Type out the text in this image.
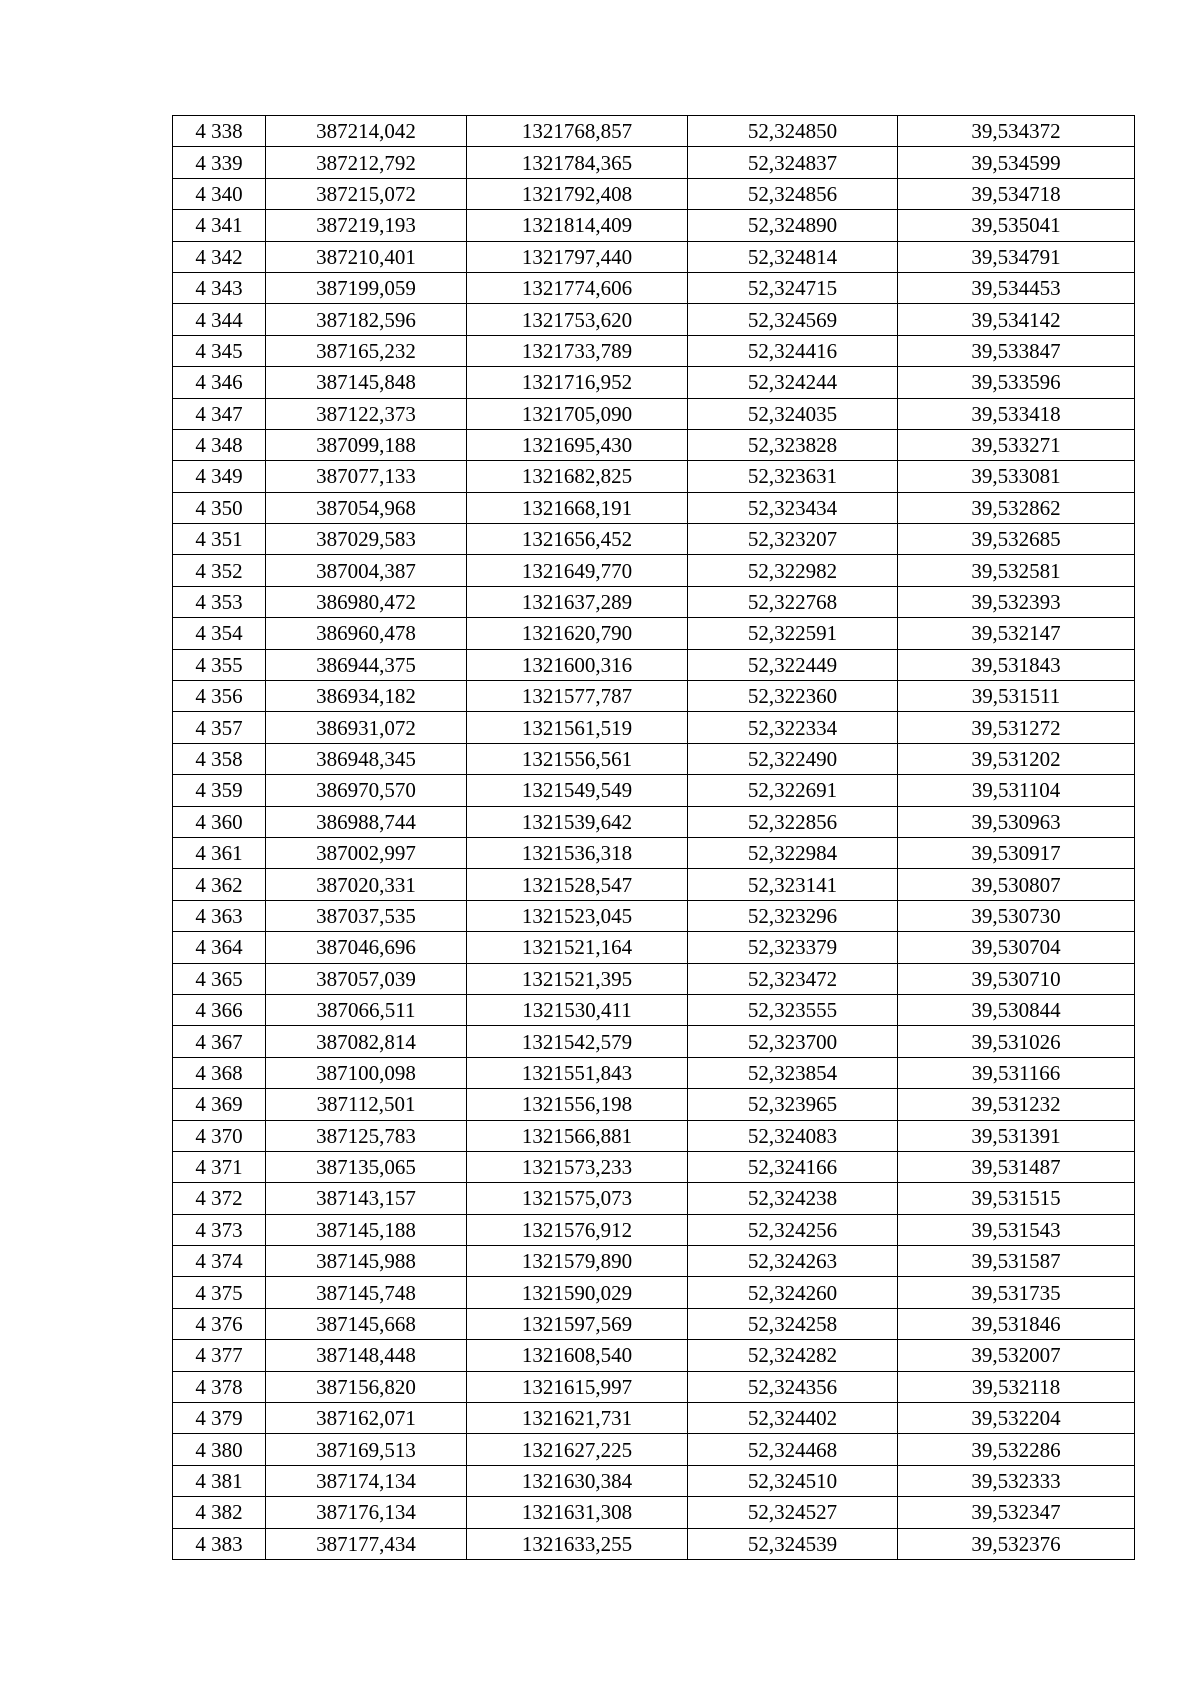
4 338	387214,042	1321768,857	52,324850	39,534372
4 339	387212,792	1321784,365	52,324837	39,534599
4 340	387215,072	1321792,408	52,324856	39,534718
4 341	387219,193	1321814,409	52,324890	39,535041
4 342	387210,401	1321797,440	52,324814	39,534791
4 343	387199,059	1321774,606	52,324715	39,534453
4 344	387182,596	1321753,620	52,324569	39,534142
4 345	387165,232	1321733,789	52,324416	39,533847
4 346	387145,848	1321716,952	52,324244	39,533596
4 347	387122,373	1321705,090	52,324035	39,533418
4 348	387099,188	1321695,430	52,323828	39,533271
4 349	387077,133	1321682,825	52,323631	39,533081
4 350	387054,968	1321668,191	52,323434	39,532862
4 351	387029,583	1321656,452	52,323207	39,532685
4 352	387004,387	1321649,770	52,322982	39,532581
4 353	386980,472	1321637,289	52,322768	39,532393
4 354	386960,478	1321620,790	52,322591	39,532147
4 355	386944,375	1321600,316	52,322449	39,531843
4 356	386934,182	1321577,787	52,322360	39,531511
4 357	386931,072	1321561,519	52,322334	39,531272
4 358	386948,345	1321556,561	52,322490	39,531202
4 359	386970,570	1321549,549	52,322691	39,531104
4 360	386988,744	1321539,642	52,322856	39,530963
4 361	387002,997	1321536,318	52,322984	39,530917
4 362	387020,331	1321528,547	52,323141	39,530807
4 363	387037,535	1321523,045	52,323296	39,530730
4 364	387046,696	1321521,164	52,323379	39,530704
4 365	387057,039	1321521,395	52,323472	39,530710
4 366	387066,511	1321530,411	52,323555	39,530844
4 367	387082,814	1321542,579	52,323700	39,531026
4 368	387100,098	1321551,843	52,323854	39,531166
4 369	387112,501	1321556,198	52,323965	39,531232
4 370	387125,783	1321566,881	52,324083	39,531391
4 371	387135,065	1321573,233	52,324166	39,531487
4 372	387143,157	1321575,073	52,324238	39,531515
4 373	387145,188	1321576,912	52,324256	39,531543
4 374	387145,988	1321579,890	52,324263	39,531587
4 375	387145,748	1321590,029	52,324260	39,531735
4 376	387145,668	1321597,569	52,324258	39,531846
4 377	387148,448	1321608,540	52,324282	39,532007
4 378	387156,820	1321615,997	52,324356	39,532118
4 379	387162,071	1321621,731	52,324402	39,532204
4 380	387169,513	1321627,225	52,324468	39,532286
4 381	387174,134	1321630,384	52,324510	39,532333
4 382	387176,134	1321631,308	52,324527	39,532347
4 383	387177,434	1321633,255	52,324539	39,532376
